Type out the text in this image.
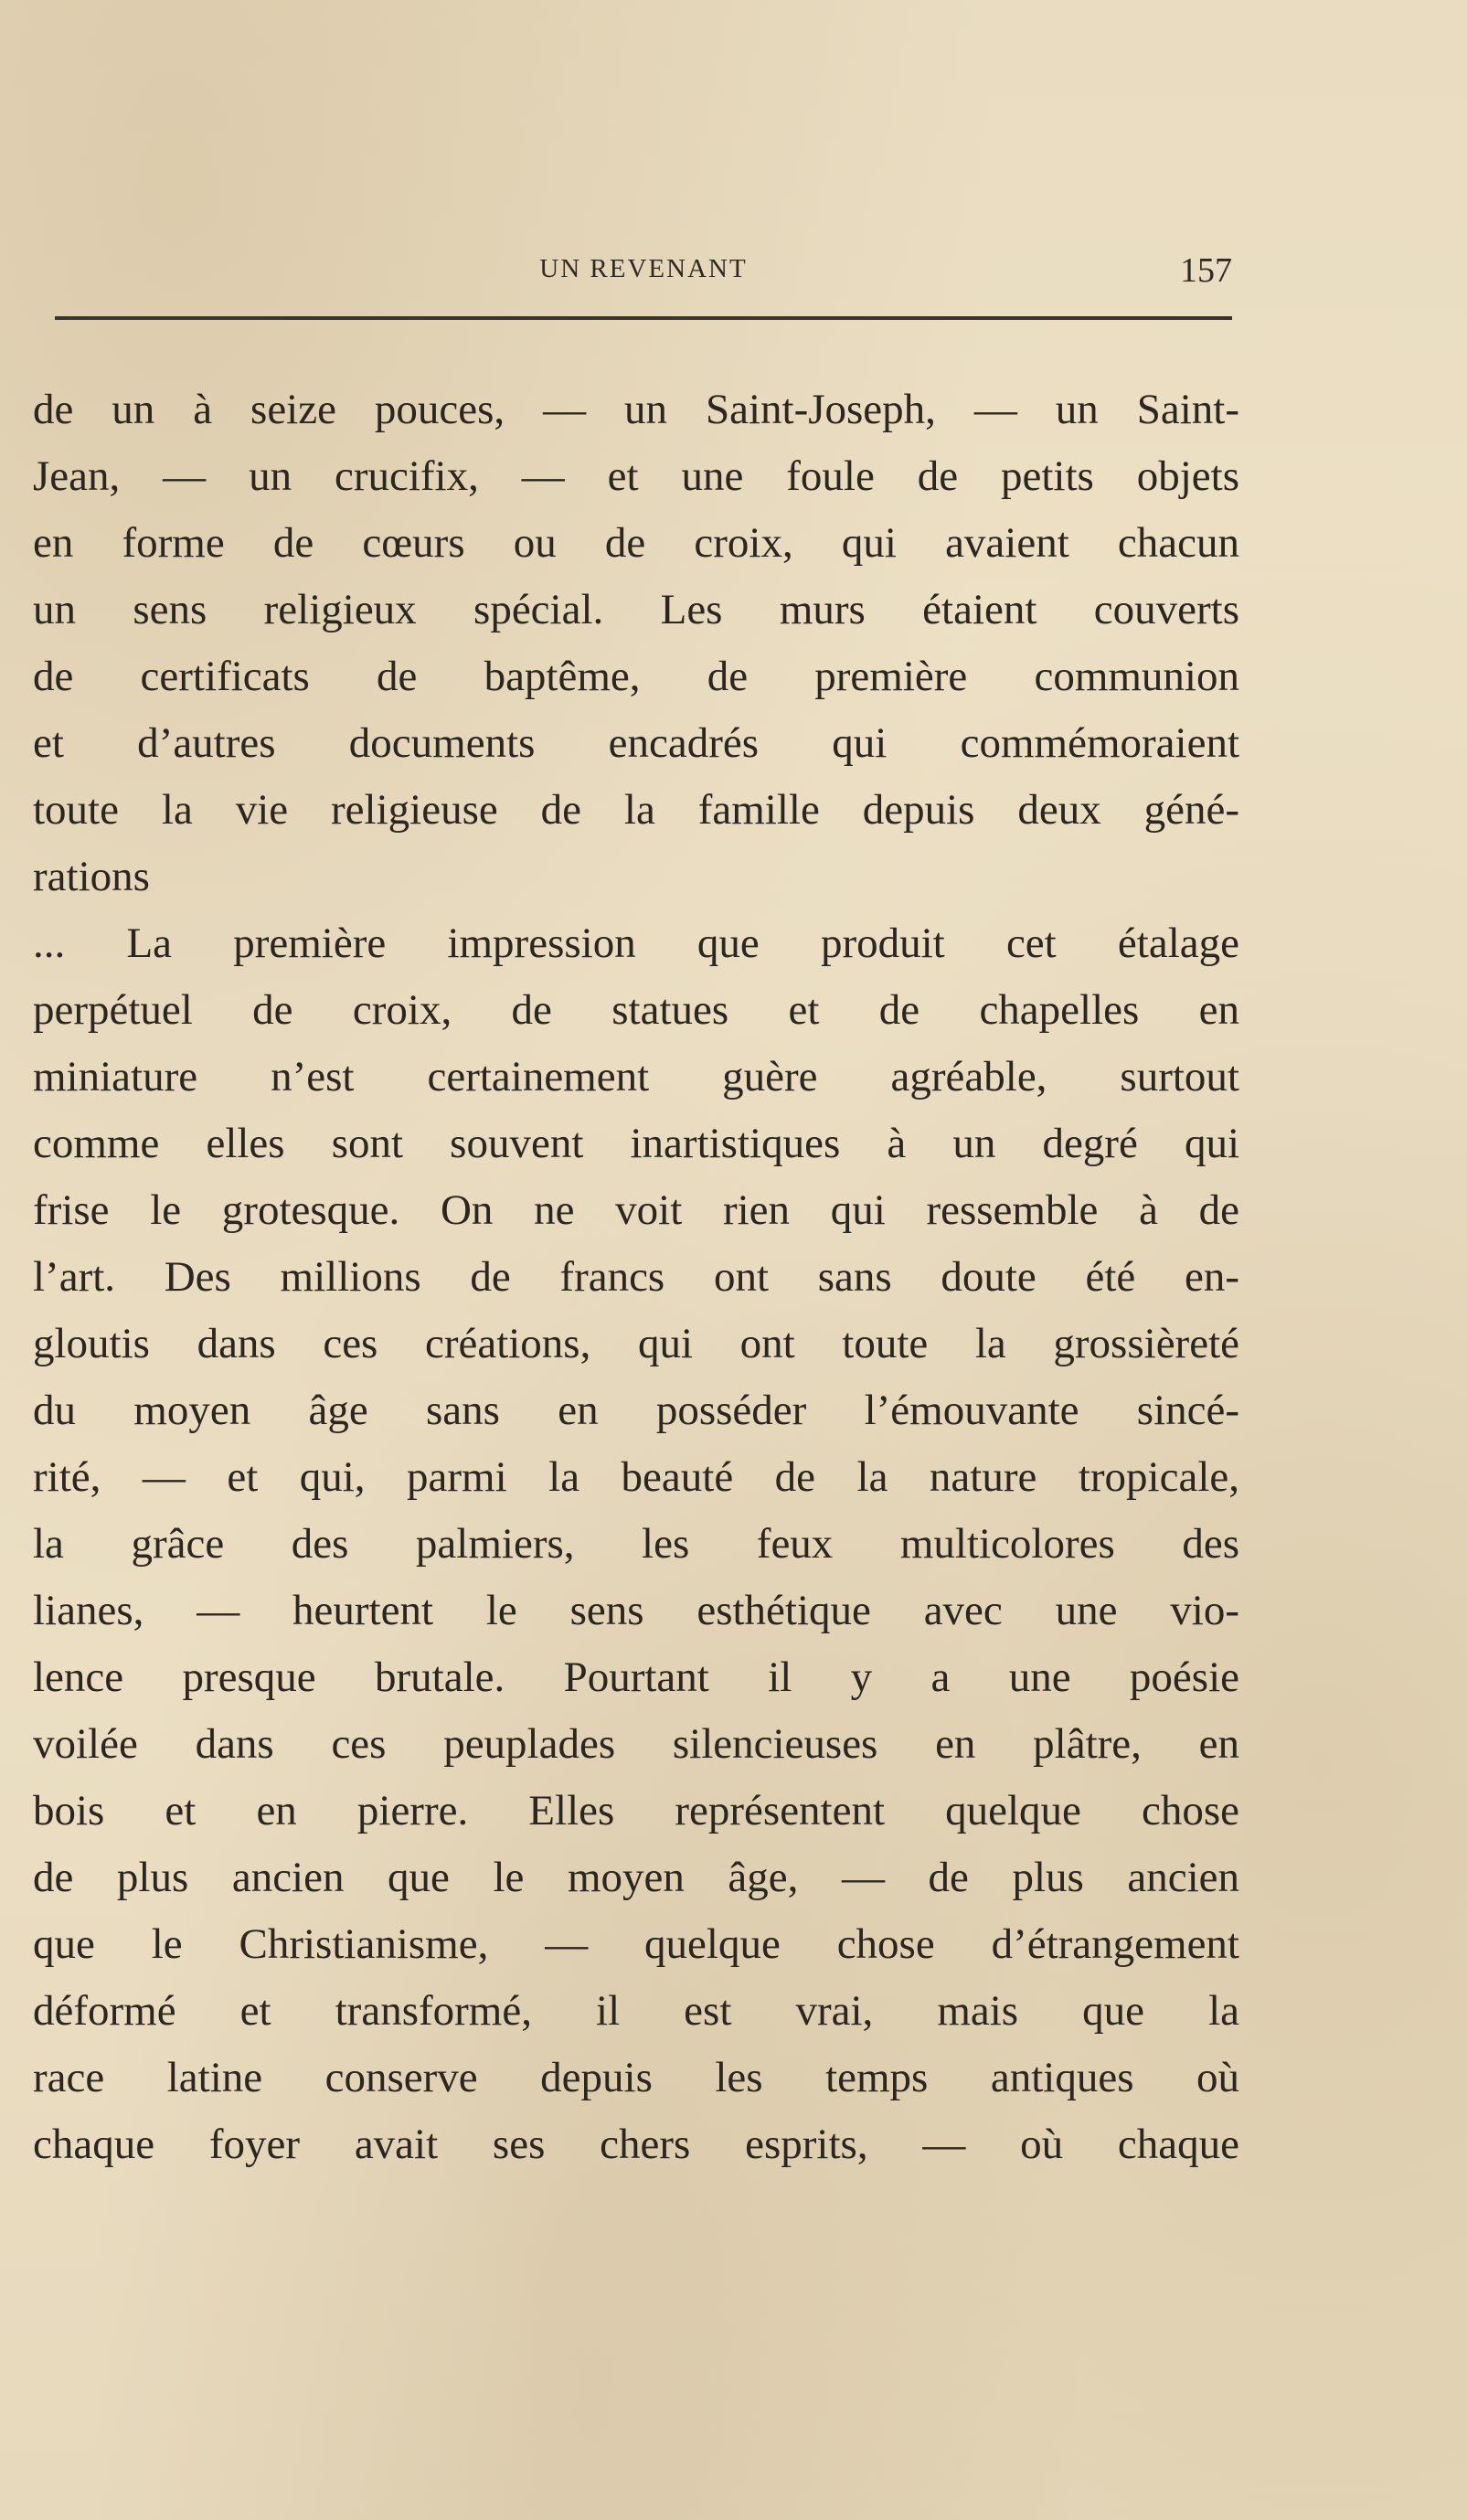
UN REVENANT	157
de un à seize pouces, — un Saint-Joseph, — un Saint-
Jean, — un crucifix, — et une foule de petits objets
en forme de cœurs ou de croix, qui avaient chacun
un sens religieux spécial. Les murs étaient couverts
de certificats de baptême, de première communion
et d’autres documents encadrés qui commémoraient
toute la vie religieuse de la famille depuis deux géné-
rations
... La première impression que produit cet étalage
perpétuel de croix, de statues et de chapelles en
miniature n’est certainement guère agréable, surtout
comme elles sont souvent inartistiques à un degré qui
frise le grotesque. On ne voit rien qui ressemble à de
l’art. Des millions de francs ont sans doute été en-
gloutis dans ces créations, qui ont toute la grossièreté
du moyen âge sans en posséder l’émouvante sincé-
rité, — et qui, parmi la beauté de la nature tropicale,
la grâce des palmiers, les feux multicolores des
lianes, — heurtent le sens esthétique avec une vio-
lence presque brutale. Pourtant il y a une poésie
voilée dans ces peuplades silencieuses en plâtre, en
bois et en pierre. Elles représentent quelque chose
de plus ancien que le moyen âge, — de plus ancien
que le Christianisme, — quelque chose d’étrangement
déformé et transformé, il est vrai, mais que la
race latine conserve depuis les temps antiques où
chaque foyer avait ses chers esprits, — où chaque
